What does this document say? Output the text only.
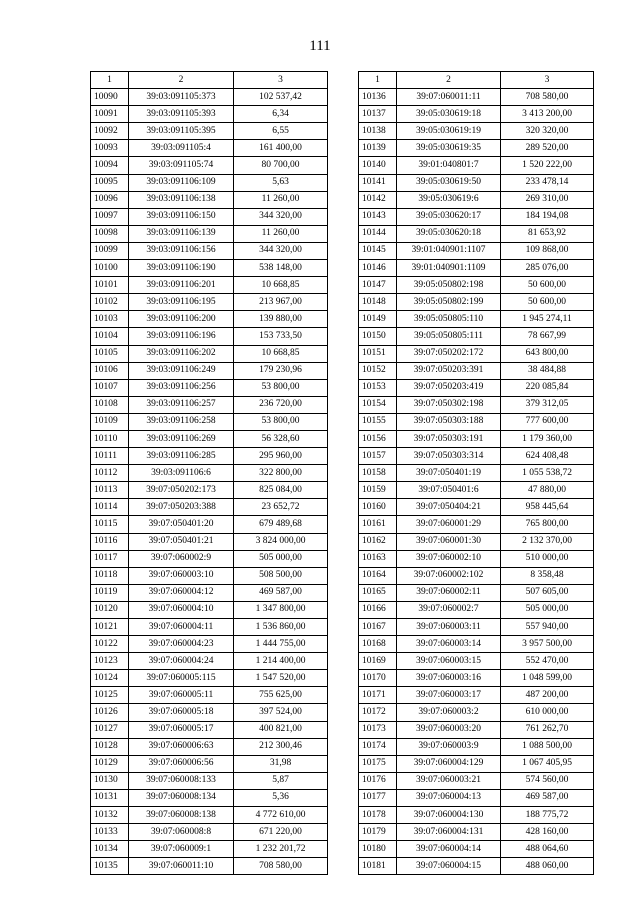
111
1	2	3
10090	39:03:091105:373	102 537,42
10091	39:03:091105:393	6,34
10092	39:03:091105:395	6,55
10093	39:03:091105:4	161 400,00
10094	39:03:091105:74	80 700,00
10095	39:03:091106:109	5,63
10096	39:03:091106:138	11 260,00
10097	39:03:091106:150	344 320,00
10098	39:03:091106:139	11 260,00
10099	39:03:091106:156	344 320,00
10100	39:03:091106:190	538 148,00
10101	39:03:091106:201	10 668,85
10102	39:03:091106:195	213 967,00
10103	39:03:091106:200	139 880,00
10104	39:03:091106:196	153 733,50
10105	39:03:091106:202	10 668,85
10106	39:03:091106:249	179 230,96
10107	39:03:091106:256	53 800,00
10108	39:03:091106:257	236 720,00
10109	39:03:091106:258	53 800,00
10110	39:03:091106:269	56 328,60
10111	39:03:091106:285	295 960,00
10112	39:03:091106:6	322 800,00
10113	39:07:050202:173	825 084,00
10114	39:07:050203:388	23 652,72
10115	39:07:050401:20	679 489,68
10116	39:07:050401:21	3 824 000,00
10117	39:07:060002:9	505 000,00
10118	39:07:060003:10	508 500,00
10119	39:07:060004:12	469 587,00
10120	39:07:060004:10	1 347 800,00
10121	39:07:060004:11	1 536 860,00
10122	39:07:060004:23	1 444 755,00
10123	39:07:060004:24	1 214 400,00
10124	39:07:060005:115	1 547 520,00
10125	39:07:060005:11	755 625,00
10126	39:07:060005:18	397 524,00
10127	39:07:060005:17	400 821,00
10128	39:07:060006:63	212 300,46
10129	39:07:060006:56	31,98
10130	39:07:060008:133	5,87
10131	39:07:060008:134	5,36
10132	39:07:060008:138	4 772 610,00
10133	39:07:060008:8	671 220,00
10134	39:07:060009:1	1 232 201,72
10135	39:07:060011:10	708 580,00
1	2	3
10136	39:07:060011:11	708 580,00
10137	39:05:030619:18	3 413 200,00
10138	39:05:030619:19	320 320,00
10139	39:05:030619:35	289 520,00
10140	39:01:040801:7	1 520 222,00
10141	39:05:030619:50	233 478,14
10142	39:05:030619:6	269 310,00
10143	39:05:030620:17	184 194,08
10144	39:05:030620:18	81 653,92
10145	39:01:040901:1107	109 868,00
10146	39:01:040901:1109	285 076,00
10147	39:05:050802:198	50 600,00
10148	39:05:050802:199	50 600,00
10149	39:05:050805:110	1 945 274,11
10150	39:05:050805:111	78 667,99
10151	39:07:050202:172	643 800,00
10152	39:07:050203:391	38 484,88
10153	39:07:050203:419	220 085,84
10154	39:07:050302:198	379 312,05
10155	39:07:050303:188	777 600,00
10156	39:07:050303:191	1 179 360,00
10157	39:07:050303:314	624 408,48
10158	39:07:050401:19	1 055 538,72
10159	39:07:050401:6	47 880,00
10160	39:07:050404:21	958 445,64
10161	39:07:060001:29	765 800,00
10162	39:07:060001:30	2 132 370,00
10163	39:07:060002:10	510 000,00
10164	39:07:060002:102	8 358,48
10165	39:07:060002:11	507 605,00
10166	39:07:060002:7	505 000,00
10167	39:07:060003:11	557 940,00
10168	39:07:060003:14	3 957 500,00
10169	39:07:060003:15	552 470,00
10170	39:07:060003:16	1 048 599,00
10171	39:07:060003:17	487 200,00
10172	39:07:060003:2	610 000,00
10173	39:07:060003:20	761 262,70
10174	39:07:060003:9	1 088 500,00
10175	39:07:060004:129	1 067 405,95
10176	39:07:060003:21	574 560,00
10177	39:07:060004:13	469 587,00
10178	39:07:060004:130	188 775,72
10179	39:07:060004:131	428 160,00
10180	39:07:060004:14	488 064,60
10181	39:07:060004:15	488 060,00
